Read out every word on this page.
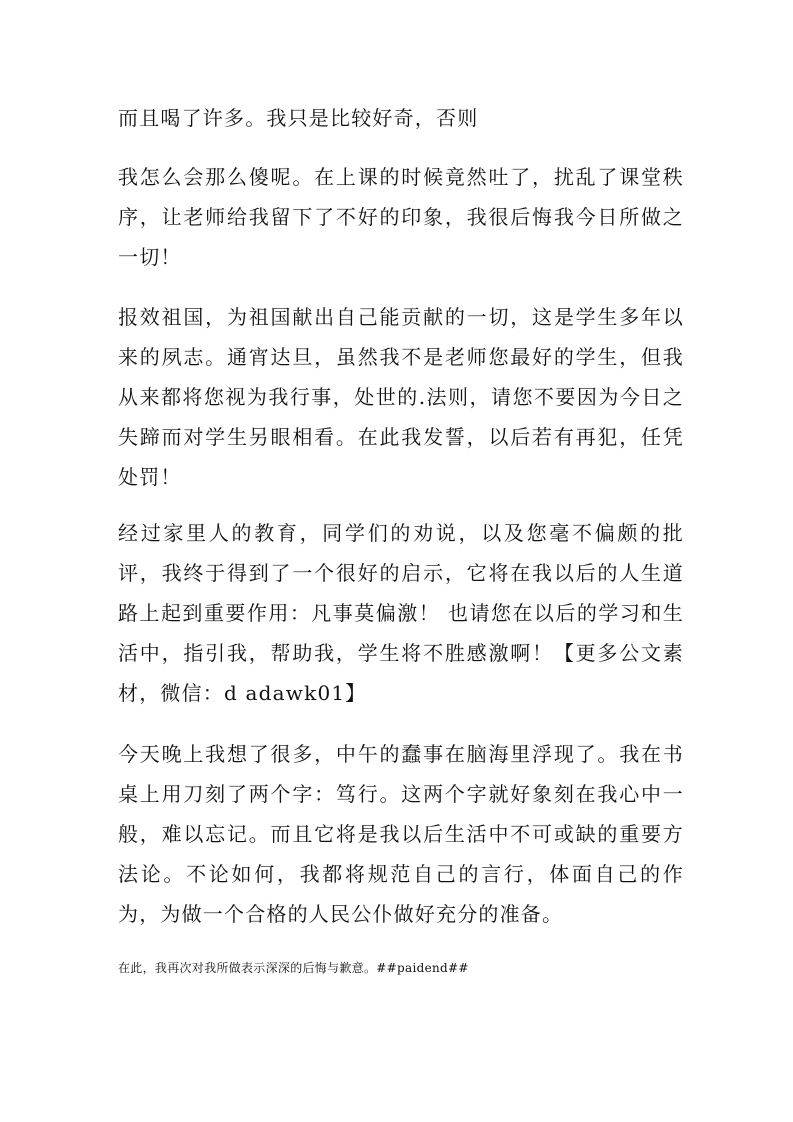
而且喝了许多。我只是比较好奇，否则

我怎么会那么傻呢。在上课的时候竟然吐了，扰乱了课堂秩序，让老师给我留下了不好的印象，我很后悔我今日所做之一切！

报效祖国，为祖国献出自己能贡献的一切，这是学生多年以来的夙志。通宵达旦，虽然我不是老师您最好的学生，但我从来都将您视为我行事，处世的.法则，请您不要因为今日之失蹄而对学生另眼相看。在此我发誓，以后若有再犯，任凭处罚！

经过家里人的教育，同学们的劝说，以及您毫不偏颇的批评，我终于得到了一个很好的启示，它将在我以后的人生道路上起到重要作用：凡事莫偏激！ 也请您在以后的学习和生活中，指引我，帮助我，学生将不胜感激啊！【更多公文素材，微信：d adawk01】

今天晚上我想了很多，中午的蠢事在脑海里浮现了。我在书桌上用刀刻了两个字：笃行。这两个字就好象刻在我心中一般，难以忘记。而且它将是我以后生活中不可或缺的重要方法论。不论如何，我都将规范自己的言行，体面自己的作为，为做一个合格的人民公仆做好充分的准备。

在此，我再次对我所做表示深深的后悔与歉意。##paidend##
